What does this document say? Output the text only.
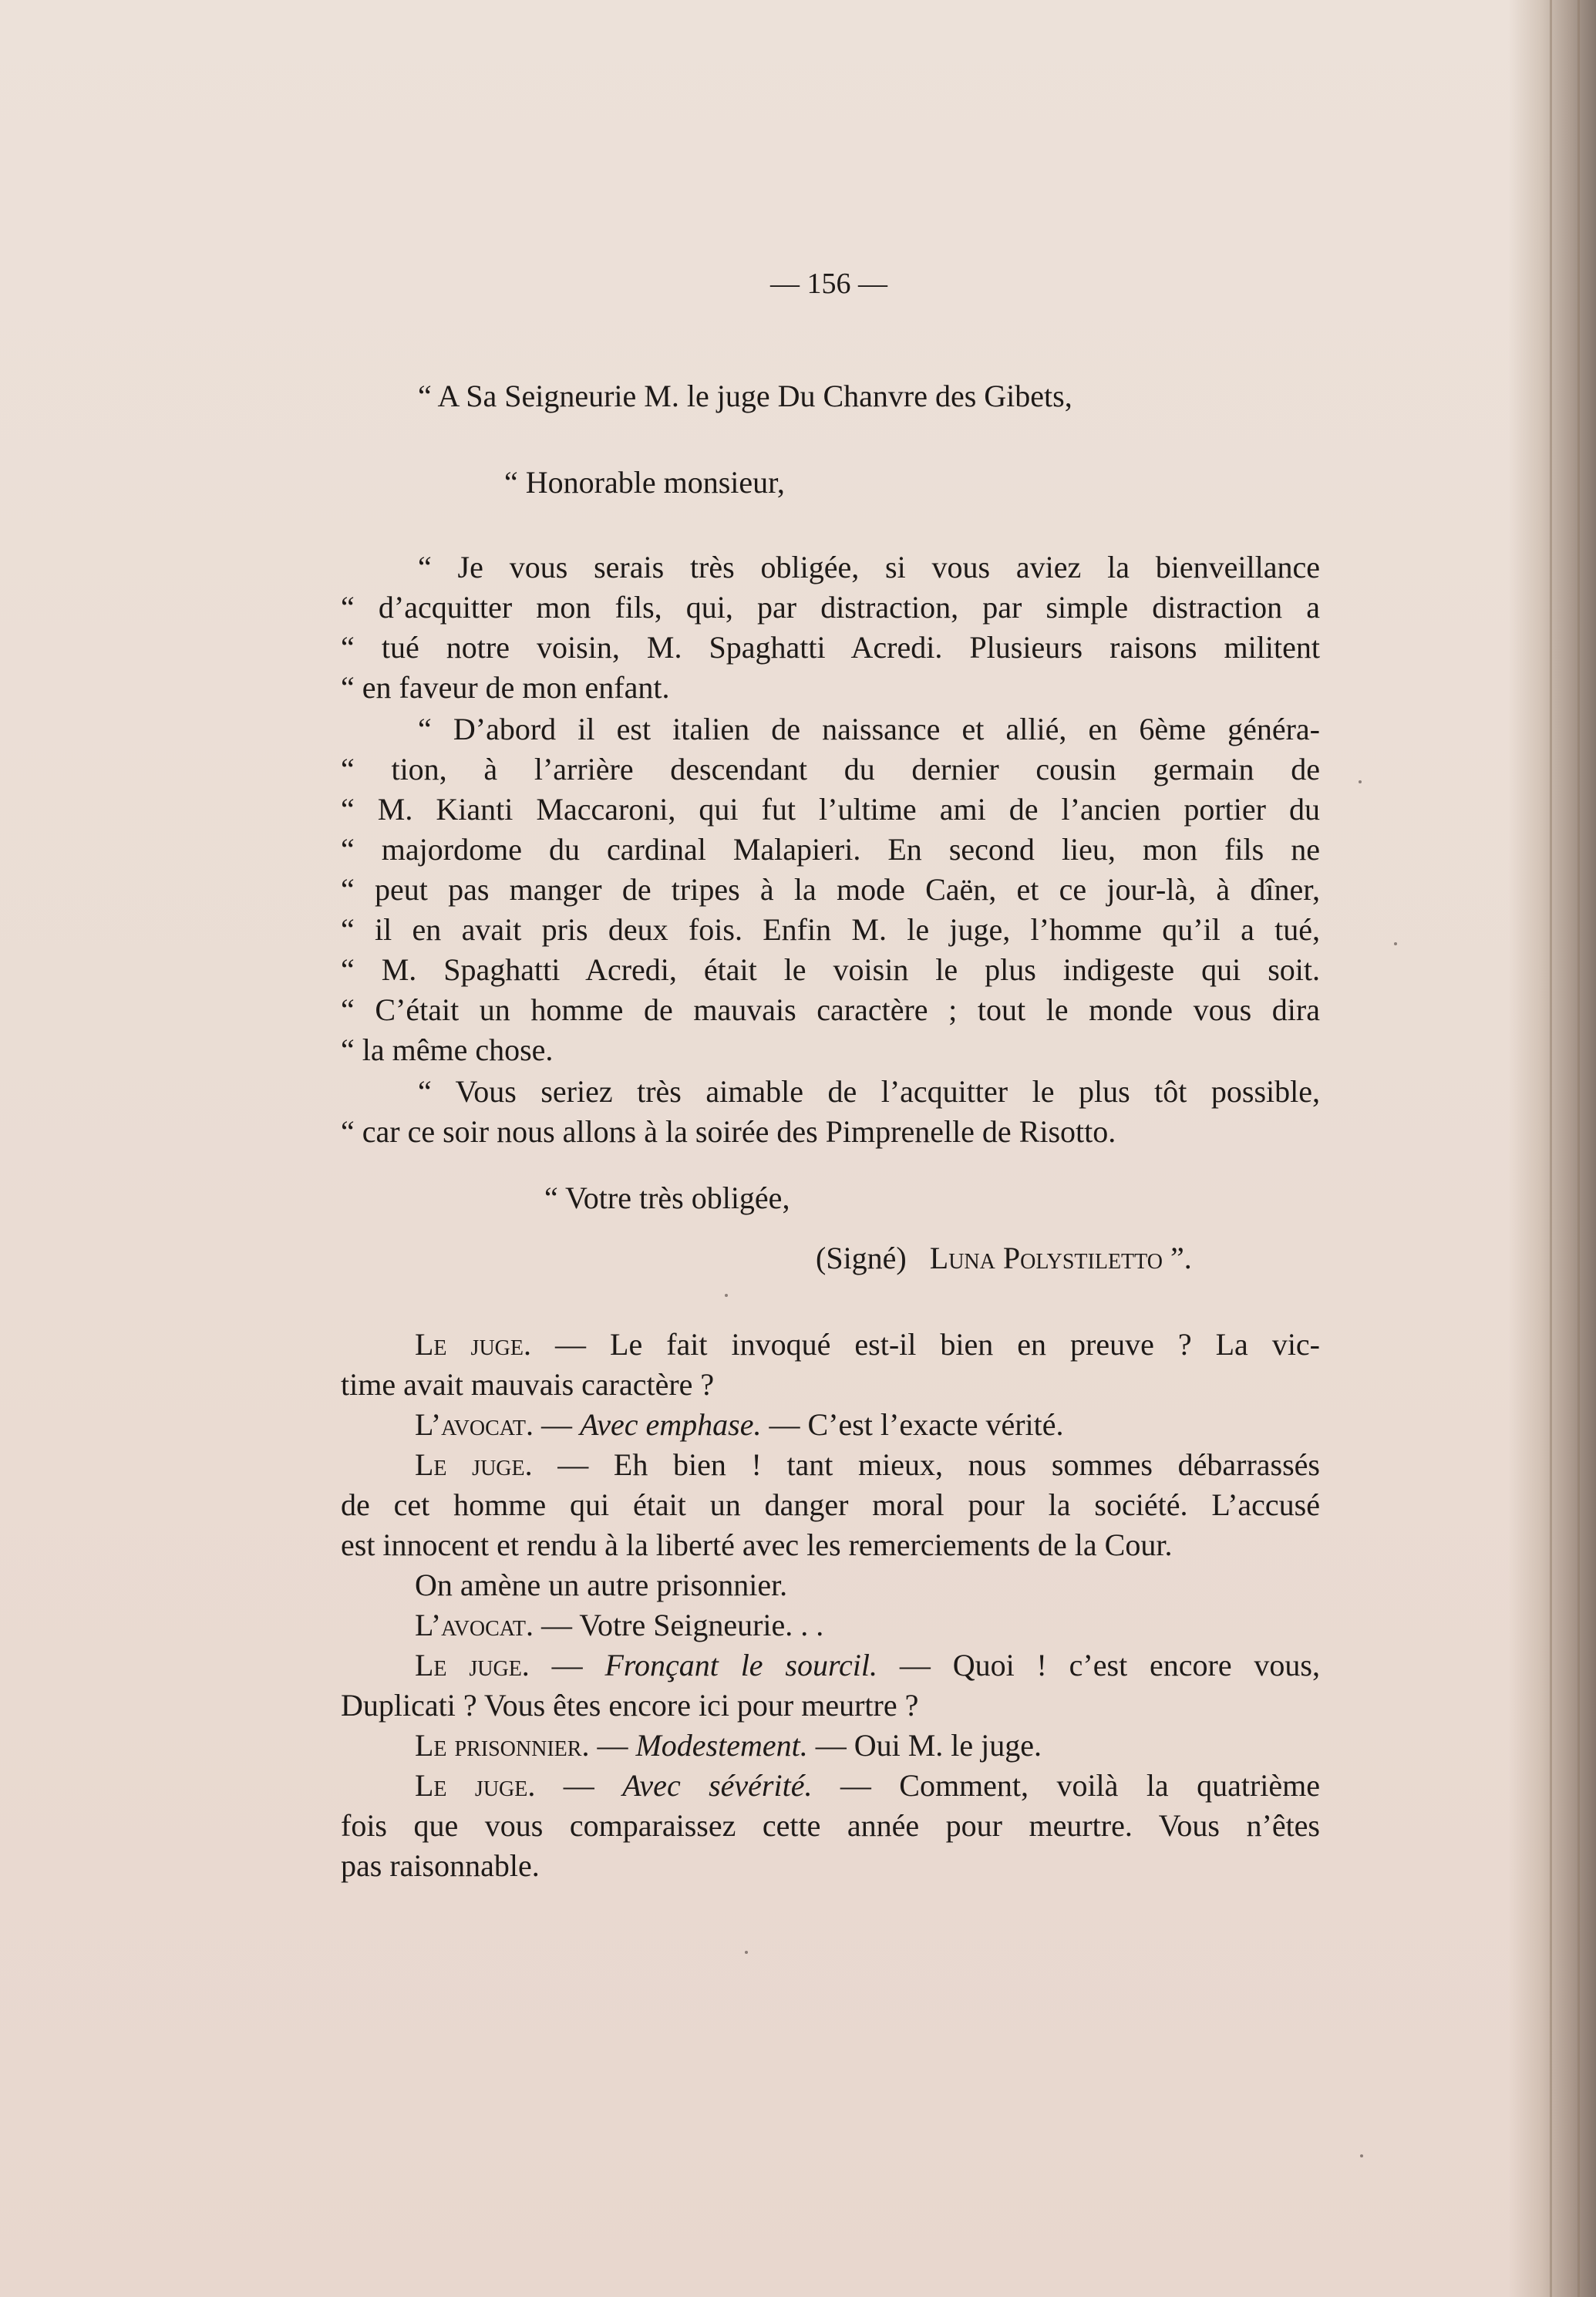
— 156 —
“ A Sa Seigneurie M. le juge Du Chanvre des Gibets,
“ Honorable monsieur,
“ Je vous serais très obligée, si vous aviez la bienveillance
“ d’acquitter mon fils, qui, par distraction, par simple distraction a
“ tué notre voisin, M. Spaghatti Acredi. Plusieurs raisons militent
“ en faveur de mon enfant.
“ D’abord il est italien de naissance et allié, en 6ème généra-
“ tion, à l’arrière descendant du dernier cousin germain de
“ M. Kianti Maccaroni, qui fut l’ultime ami de l’ancien portier du
“ majordome du cardinal Malapieri. En second lieu, mon fils ne
“ peut pas manger de tripes à la mode Caën, et ce jour-là, à dîner,
“ il en avait pris deux fois. Enfin M. le juge, l’homme qu’il a tué,
“ M. Spaghatti Acredi, était le voisin le plus indigeste qui soit.
“ C’était un homme de mauvais caractère ; tout le monde vous dira
“ la même chose.
“ Vous seriez très aimable de l’acquitter le plus tôt possible,
“ car ce soir nous allons à la soirée des Pimprenelle de Risotto.
“ Votre très obligée,
(Signé) Luna Polystiletto ”.
Le juge. — Le fait invoqué est-il bien en preuve ? La vic-
time avait mauvais caractère ?
L’avocat. — Avec emphase. — C’est l’exacte vérité.
Le juge. — Eh bien ! tant mieux, nous sommes débarrassés
de cet homme qui était un danger moral pour la société. L’accusé
est innocent et rendu à la liberté avec les remerciements de la Cour.
On amène un autre prisonnier.
L’avocat. — Votre Seigneurie. . .
Le juge. — Fronçant le sourcil. — Quoi ! c’est encore vous,
Duplicati ? Vous êtes encore ici pour meurtre ?
Le prisonnier. — Modestement. — Oui M. le juge.
Le juge. — Avec sévérité. — Comment, voilà la quatrième
fois que vous comparaissez cette année pour meurtre. Vous n’êtes
pas raisonnable.
